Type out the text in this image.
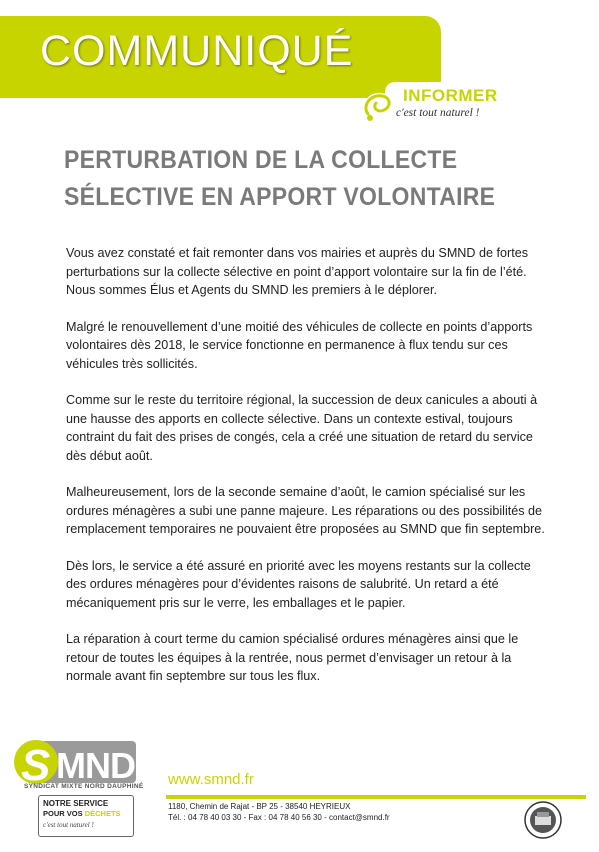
COMMUNIQUÉ
INFORMER
c'est tout naturel !
PERTURBATION DE LA COLLECTE
SÉLECTIVE EN APPORT VOLONTAIRE

Vous avez constaté et fait remonter dans vos mairies et auprès du SMND de fortes perturbations sur la collecte sélective en point d’apport volontaire sur la fin de l’été. Nous sommes Élus et Agents du SMND les premiers à le déplorer.

Malgré le renouvellement d’une moitié des véhicules de collecte en points d’apports volontaires dès 2018, le service fonctionne en permanence à flux tendu sur ces véhicules très sollicités.

Comme sur le reste du territoire régional, la succession de deux canicules a abouti à une hausse des apports en collecte sélective. Dans un contexte estival, toujours contraint du fait des prises de congés, cela a créé une situation de retard du service dès début août.

Malheureusement, lors de la seconde semaine d’août, le camion spécialisé sur les ordures ménagères a subi une panne majeure. Les réparations ou des possibilités de remplacement temporaires ne pouvaient être proposées au SMND que fin septembre.

Dès lors, le service a été assuré en priorité avec les moyens restants sur la collecte des ordures ménagères pour d’évidentes raisons de salubrité. Un retard a été mécaniquement pris sur le verre, les emballages et le papier.

La réparation à court terme du camion spécialisé ordures ménagères ainsi que le retour de toutes les équipes à la rentrée, nous permet d’envisager un retour à la normale avant fin septembre sur tous les flux.

S MND
SYNDICAT MIXTE NORD DAUPHINÉ
NOTRE SERVICE
POUR VOS DÉCHETS
c'est tout naturel !
www.smnd.fr
1180, Chemin de Rajat - BP 25 - 38540 HEYRIEUX
Tél. : 04 78 40 03 30 - Fax : 04 78 40 56 30 - contact@smnd.fr
